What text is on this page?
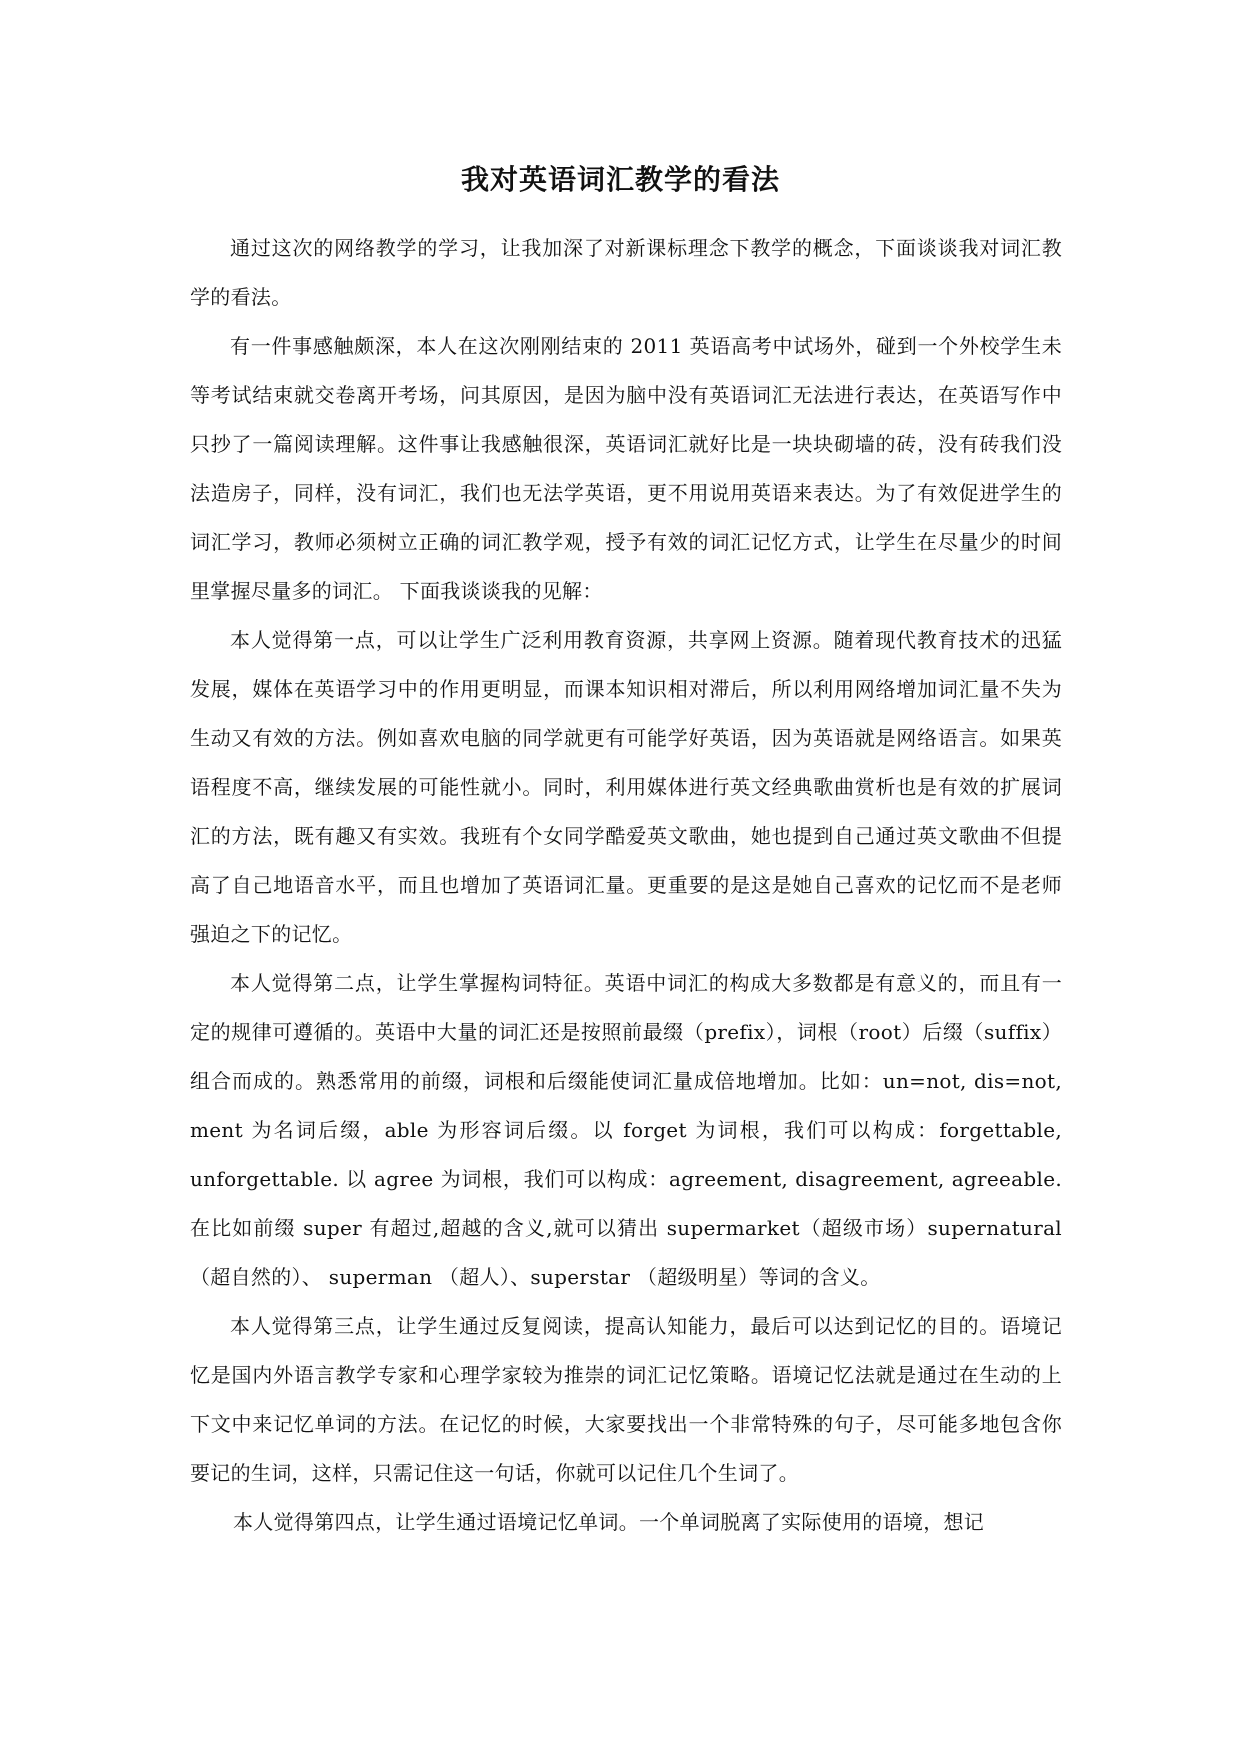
我对英语词汇教学的看法

通过这次的网络教学的学习，让我加深了对新课标理念下教学的概念，下面谈谈我对词汇教学的看法。

有一件事感触颇深，本人在这次刚刚结束的 2011 英语高考中试场外，碰到一个外校学生未等考试结束就交卷离开考场，问其原因，是因为脑中没有英语词汇无法进行表达，在英语写作中只抄了一篇阅读理解。这件事让我感触很深，英语词汇就好比是一块块砌墙的砖，没有砖我们没法造房子，同样，没有词汇，我们也无法学英语，更不用说用英语来表达。为了有效促进学生的词汇学习，教师必须树立正确的词汇教学观，授予有效的词汇记忆方式，让学生在尽量少的时间里掌握尽量多的词汇。 下面我谈谈我的见解：

本人觉得第一点，可以让学生广泛利用教育资源，共享网上资源。随着现代教育技术的迅猛发展，媒体在英语学习中的作用更明显，而课本知识相对滞后，所以利用网络增加词汇量不失为生动又有效的方法。例如喜欢电脑的同学就更有可能学好英语，因为英语就是网络语言。如果英语程度不高，继续发展的可能性就小。同时，利用媒体进行英文经典歌曲赏析也是有效的扩展词汇的方法，既有趣又有实效。我班有个女同学酷爱英文歌曲，她也提到自己通过英文歌曲不但提高了自己地语音水平，而且也增加了英语词汇量。更重要的是这是她自己喜欢的记忆而不是老师强迫之下的记忆。

本人觉得第二点，让学生掌握构词特征。英语中词汇的构成大多数都是有意义的，而且有一定的规律可遵循的。英语中大量的词汇还是按照前最缀（prefix），词根（root）后缀（suffix）组合而成的。熟悉常用的前缀，词根和后缀能使词汇量成倍地增加。比如：un=not, dis=not, ment 为名词后缀，able 为形容词后缀。以 forget 为词根，我们可以构成：forgettable, unforgettable. 以 agree 为词根，我们可以构成：agreement, disagreement, agreeable.在比如前缀 super 有超过,超越的含义,就可以猜出 supermarket（超级市场）supernatural（超自然的）、 superman （超人）、superstar （超级明星）等词的含义。

本人觉得第三点，让学生通过反复阅读，提高认知能力，最后可以达到记忆的目的。语境记忆是国内外语言教学专家和心理学家较为推崇的词汇记忆策略。语境记忆法就是通过在生动的上下文中来记忆单词的方法。在记忆的时候，大家要找出一个非常特殊的句子，尽可能多地包含你要记的生词，这样，只需记住这一句话，你就可以记住几个生词了。

本人觉得第四点，让学生通过语境记忆单词。一个单词脱离了实际使用的语境，想记
